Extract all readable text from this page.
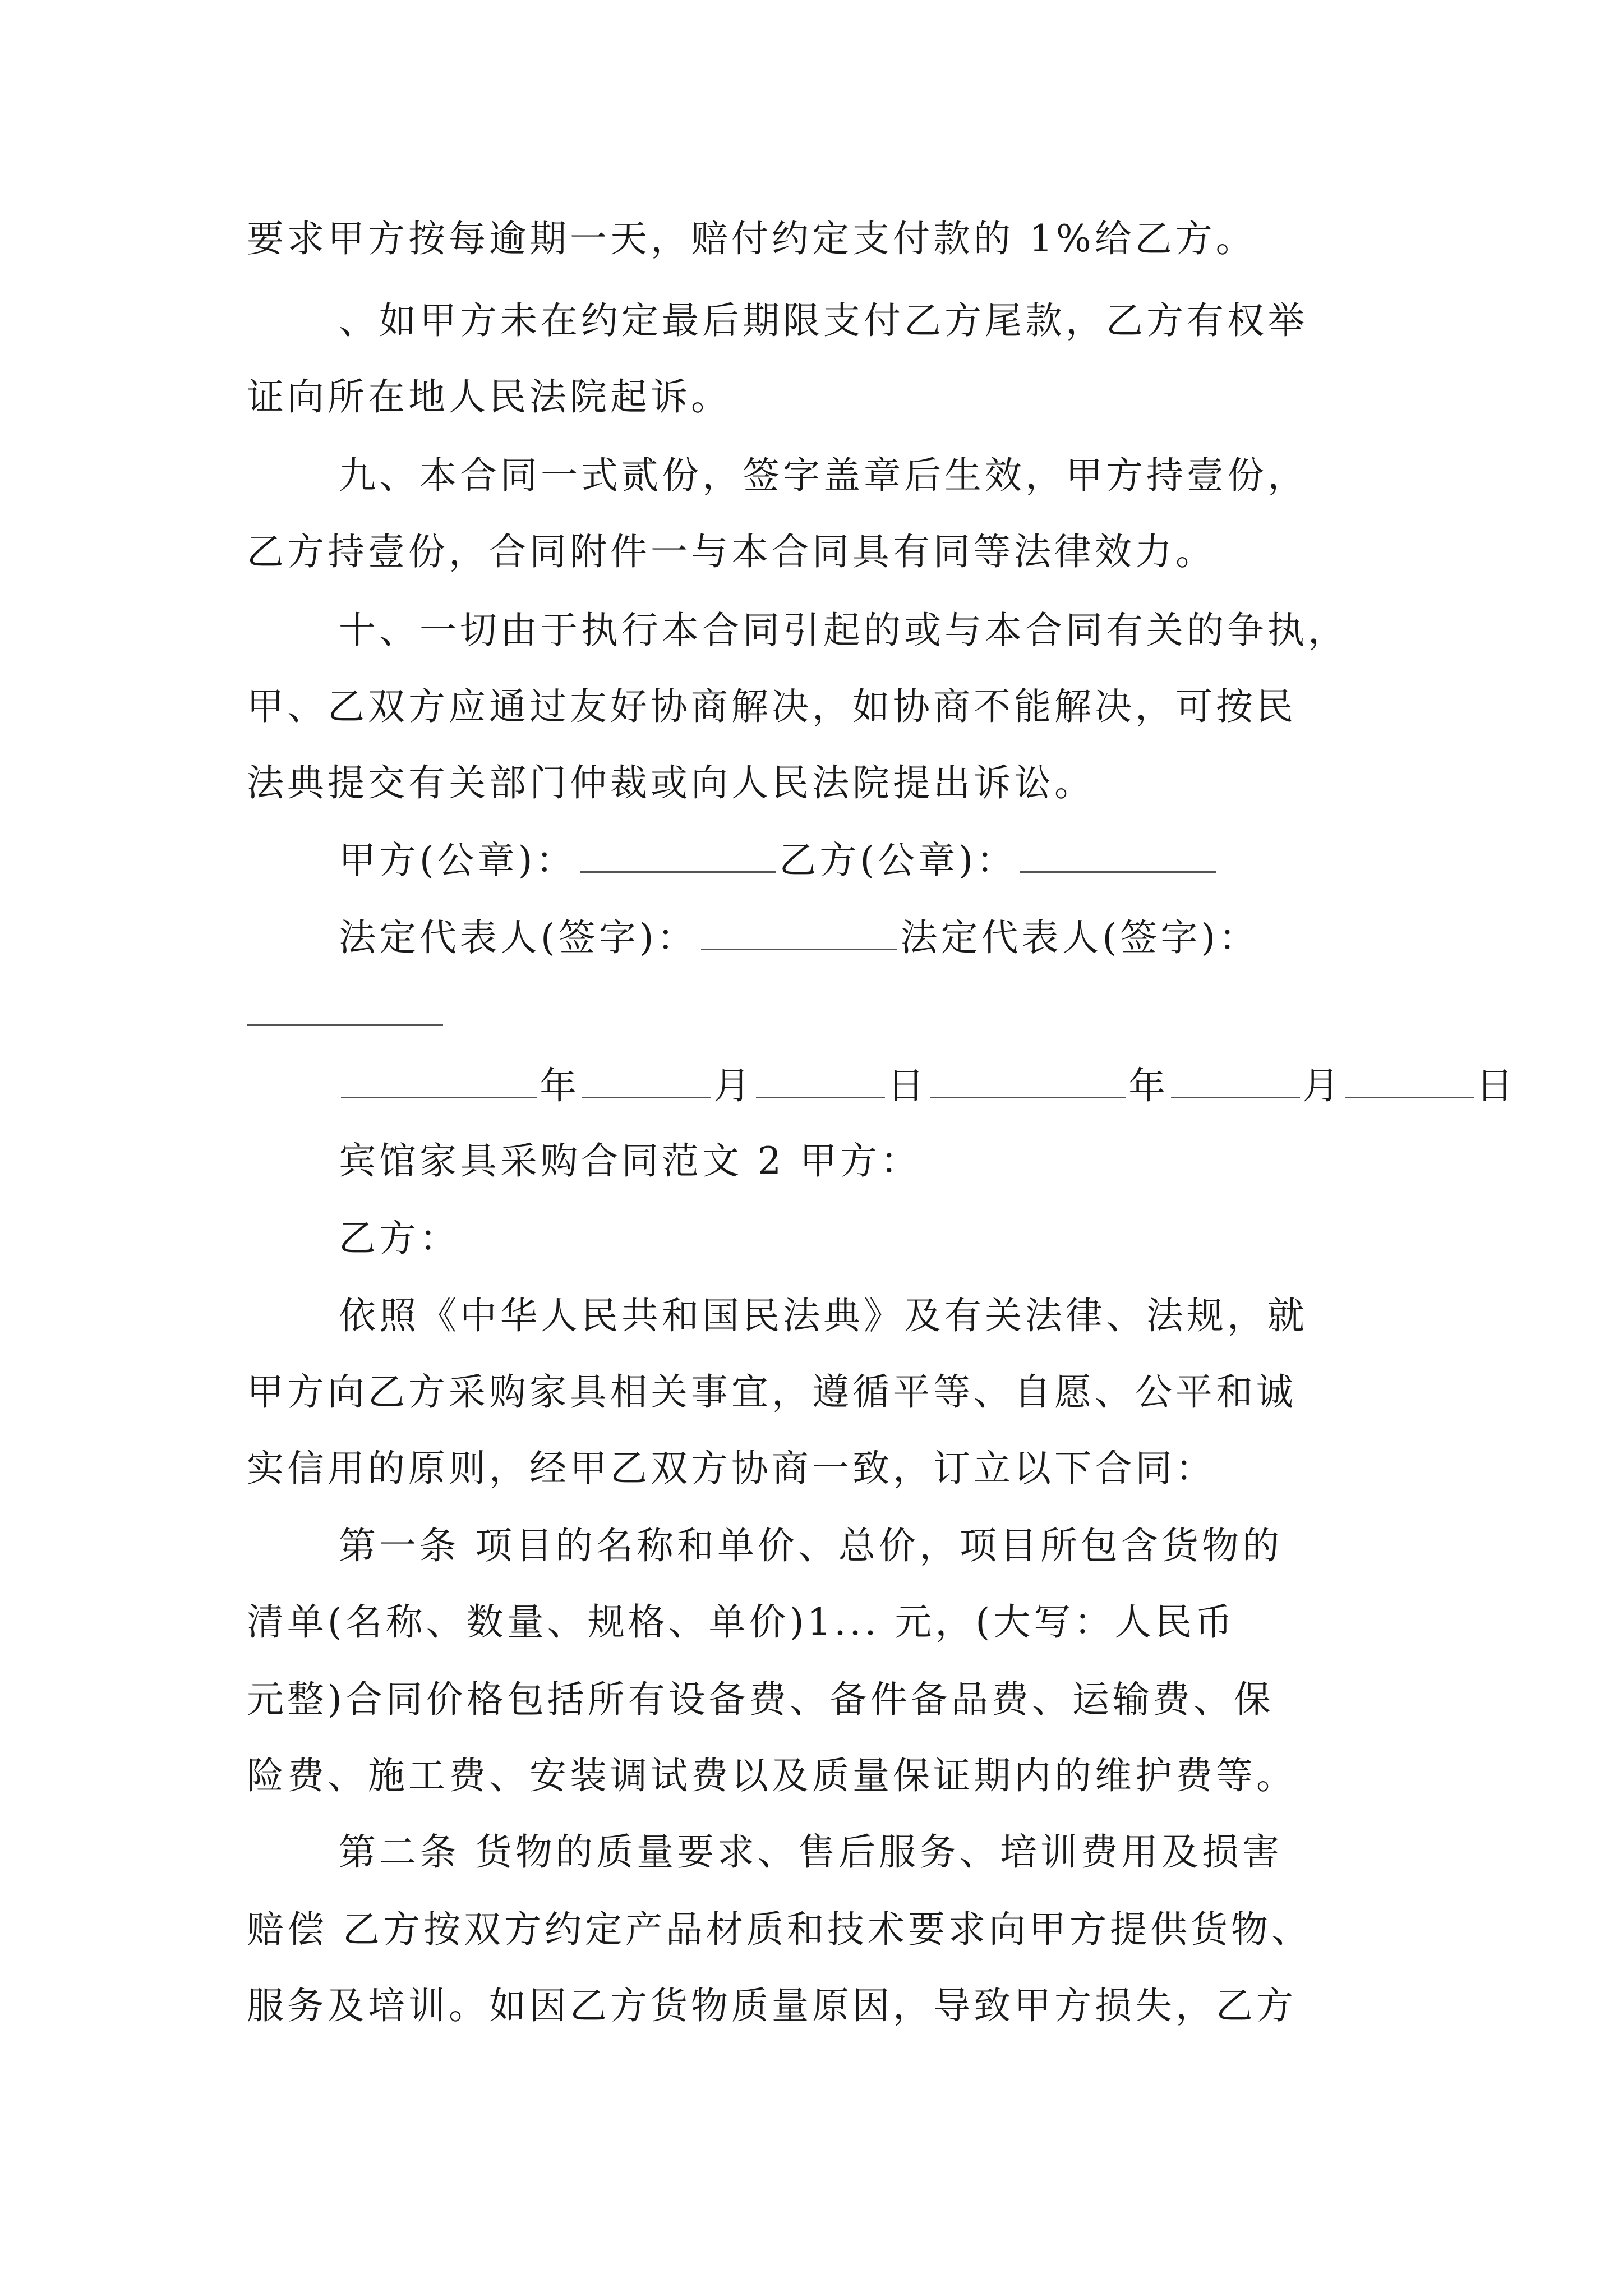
要求甲方按每逾期一天，赔付约定支付款的 1%给乙方。
、如甲方未在约定最后期限支付乙方尾款，乙方有权举
证向所在地人民法院起诉。
九、本合同一式贰份，签字盖章后生效，甲方持壹份，
乙方持壹份，合同附件一与本合同具有同等法律效力。
十、一切由于执行本合同引起的或与本合同有关的争执，
甲、乙双方应通过友好协商解决，如协商不能解决，可按民
法典提交有关部门仲裁或向人民法院提出诉讼。
甲方(公章)：	乙方(公章)：
法定代表人(签字)：	法定代表人(签字)：
年	月	日	年	月	日
宾馆家具采购合同范文 2 甲方：
乙方：
依照《中华人民共和国民法典》及有关法律、法规，就
甲方向乙方采购家具相关事宜，遵循平等、自愿、公平和诚
实信用的原则，经甲乙双方协商一致，订立以下合同：
第一条 项目的名称和单价、总价，项目所包含货物的
清单(名称、数量、规格、单价)1... 元，(大写：人民币
元整)合同价格包括所有设备费、备件备品费、运输费、保
险费、施工费、安装调试费以及质量保证期内的维护费等。
第二条 货物的质量要求、售后服务、培训费用及损害
赔偿 乙方按双方约定产品材质和技术要求向甲方提供货物、
服务及培训。如因乙方货物质量原因，导致甲方损失，乙方
